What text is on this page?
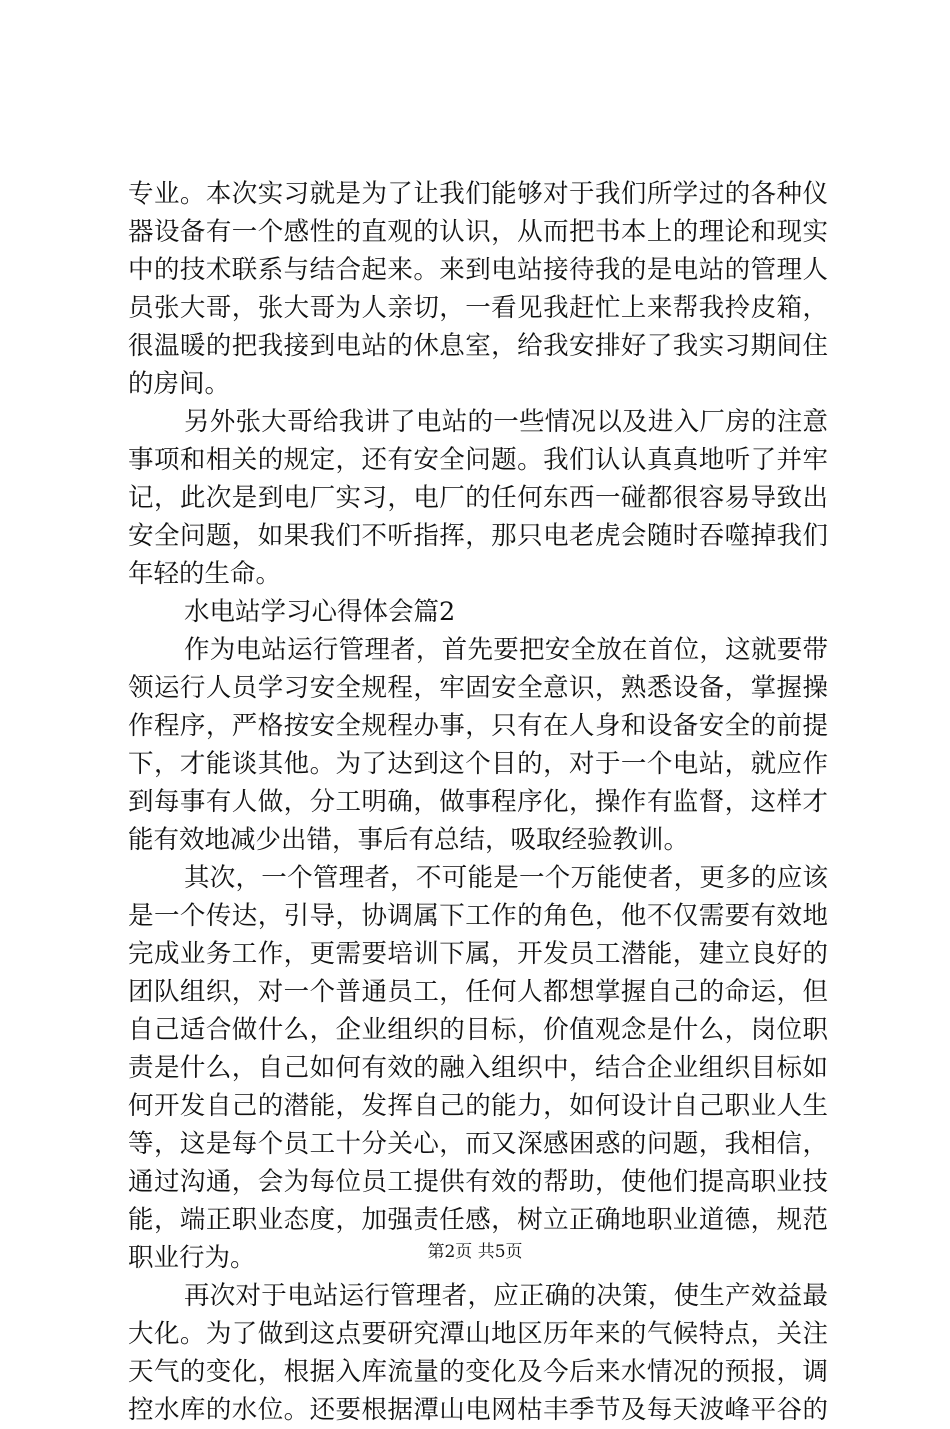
专业。本次实习就是为了让我们能够对于我们所学过的各种仪
器设备有一个感性的直观的认识，从而把书本上的理论和现实
中的技术联系与结合起来。来到电站接待我的是电站的管理人
员张大哥，张大哥为人亲切，一看见我赶忙上来帮我拎皮箱，
很温暖的把我接到电站的休息室，给我安排好了我实习期间住
的房间。
另外张大哥给我讲了电站的一些情况以及进入厂房的注意
事项和相关的规定，还有安全问题。我们认认真真地听了并牢
记，此次是到电厂实习，电厂的任何东西一碰都很容易导致出
安全问题，如果我们不听指挥，那只电老虎会随时吞噬掉我们
年轻的生命。
水电站学习心得体会篇2
作为电站运行管理者，首先要把安全放在首位，这就要带
领运行人员学习安全规程，牢固安全意识，熟悉设备，掌握操
作程序，严格按安全规程办事，只有在人身和设备安全的前提
下，才能谈其他。为了达到这个目的，对于一个电站，就应作
到每事有人做，分工明确，做事程序化，操作有监督，这样才
能有效地减少出错，事后有总结，吸取经验教训。
其次，一个管理者，不可能是一个万能使者，更多的应该
是一个传达，引导，协调属下工作的角色，他不仅需要有效地
完成业务工作，更需要培训下属，开发员工潜能，建立良好的
团队组织，对一个普通员工，任何人都想掌握自己的命运，但
自己适合做什么，企业组织的目标，价值观念是什么，岗位职
责是什么，自己如何有效的融入组织中，结合企业组织目标如
何开发自己的潜能，发挥自己的能力，如何设计自己职业人生
等，这是每个员工十分关心，而又深感困惑的问题，我相信，
通过沟通，会为每位员工提供有效的帮助，使他们提高职业技
能，端正职业态度，加强责任感，树立正确地职业道德，规范
职业行为。
再次对于电站运行管理者，应正确的决策，使生产效益最
大化。为了做到这点要研究潭山地区历年来的气候特点，关注
天气的变化，根据入库流量的变化及今后来水情况的预报，调
控水库的水位。还要根据潭山电网枯丰季节及每天波峰平谷的
第2页 共5页
